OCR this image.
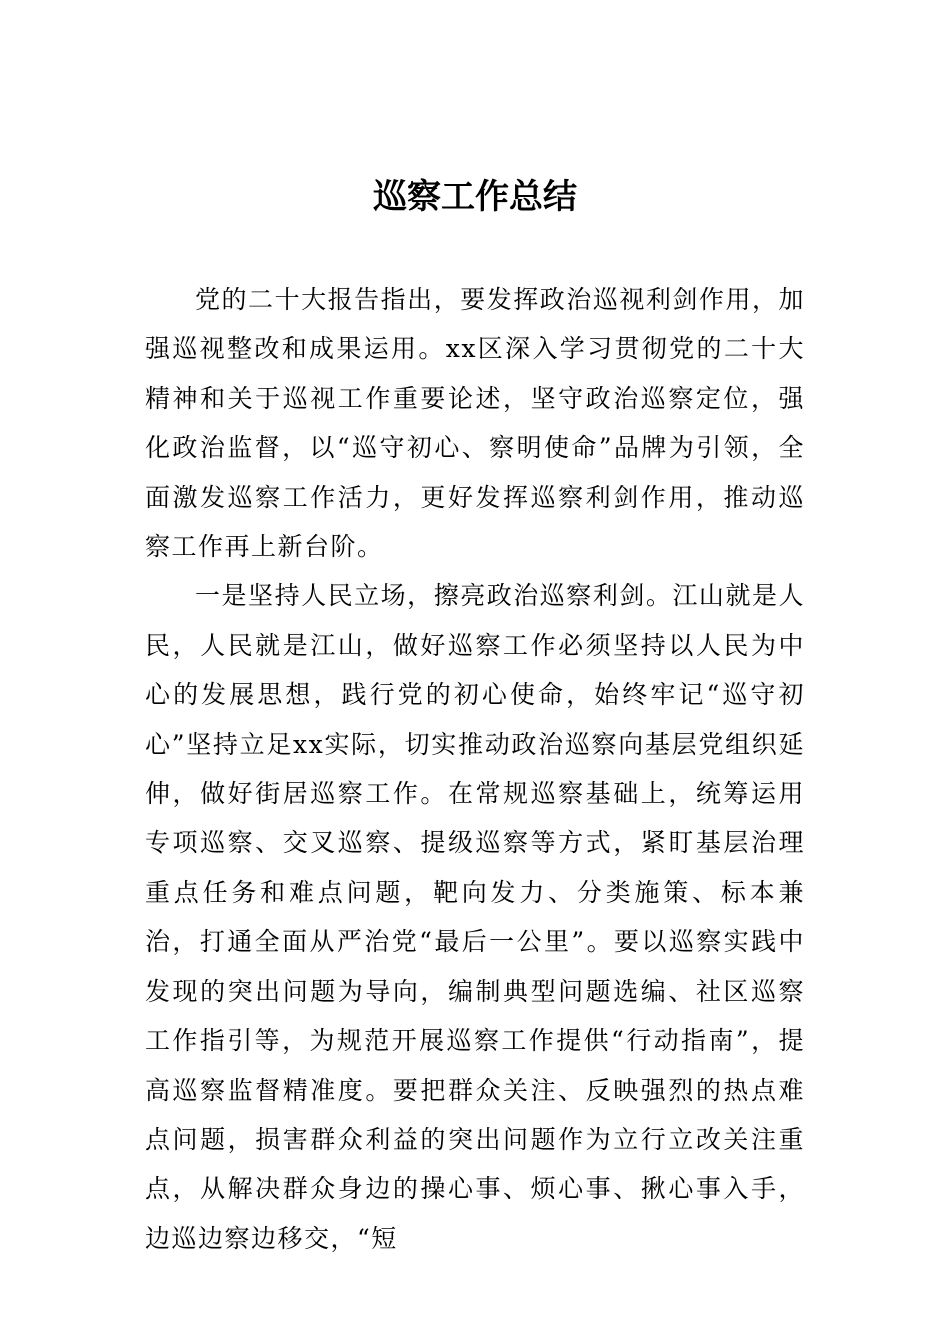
巡察工作总结

党的二十大报告指出，要发挥政治巡视利剑作用，加强巡视整改和成果运用。xx区深入学习贯彻党的二十大精神和关于巡视工作重要论述，坚守政治巡察定位，强化政治监督，以“巡守初心、察明使命”品牌为引领，全面激发巡察工作活力，更好发挥巡察利剑作用，推动巡察工作再上新台阶。

一是坚持人民立场，擦亮政治巡察利剑。江山就是人民，人民就是江山，做好巡察工作必须坚持以人民为中心的发展思想，践行党的初心使命，始终牢记“巡守初心”坚持立足xx实际，切实推动政治巡察向基层党组织延伸，做好街居巡察工作。在常规巡察基础上，统筹运用专项巡察、交叉巡察、提级巡察等方式，紧盯基层治理重点任务和难点问题，靶向发力、分类施策、标本兼治，打通全面从严治党“最后一公里”。要以巡察实践中发现的突出问题为导向，编制典型问题选编、社区巡察工作指引等，为规范开展巡察工作提供“行动指南”，提高巡察监督精准度。要把群众关注、反映强烈的热点难点问题，损害群众利益的突出问题作为立行立改关注重点，从解决群众身边的操心事、烦心事、揪心事入手，边巡边察边移交，“短
